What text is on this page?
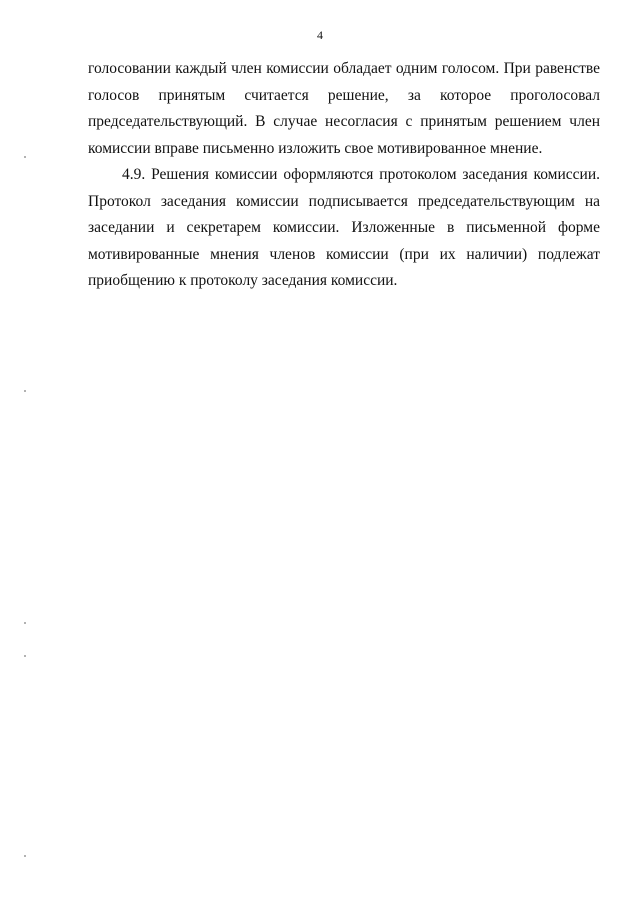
4

голосовании каждый член комиссии обладает одним голосом. При равенстве
голосов принятым считается решение, за которое проголосовал
председательствующий. В случае несогласия с принятым решением член
комиссии вправе письменно изложить свое мотивированное мнение.

4.9. Решения комиссии оформляются протоколом заседания комиссии.
Протокол заседания комиссии подписывается председательствующим на
заседании и секретарем комиссии. Изложенные в письменной форме
мотивированные мнения членов комиссии (при их наличии) подлежат
приобщению к протоколу заседания комиссии.
